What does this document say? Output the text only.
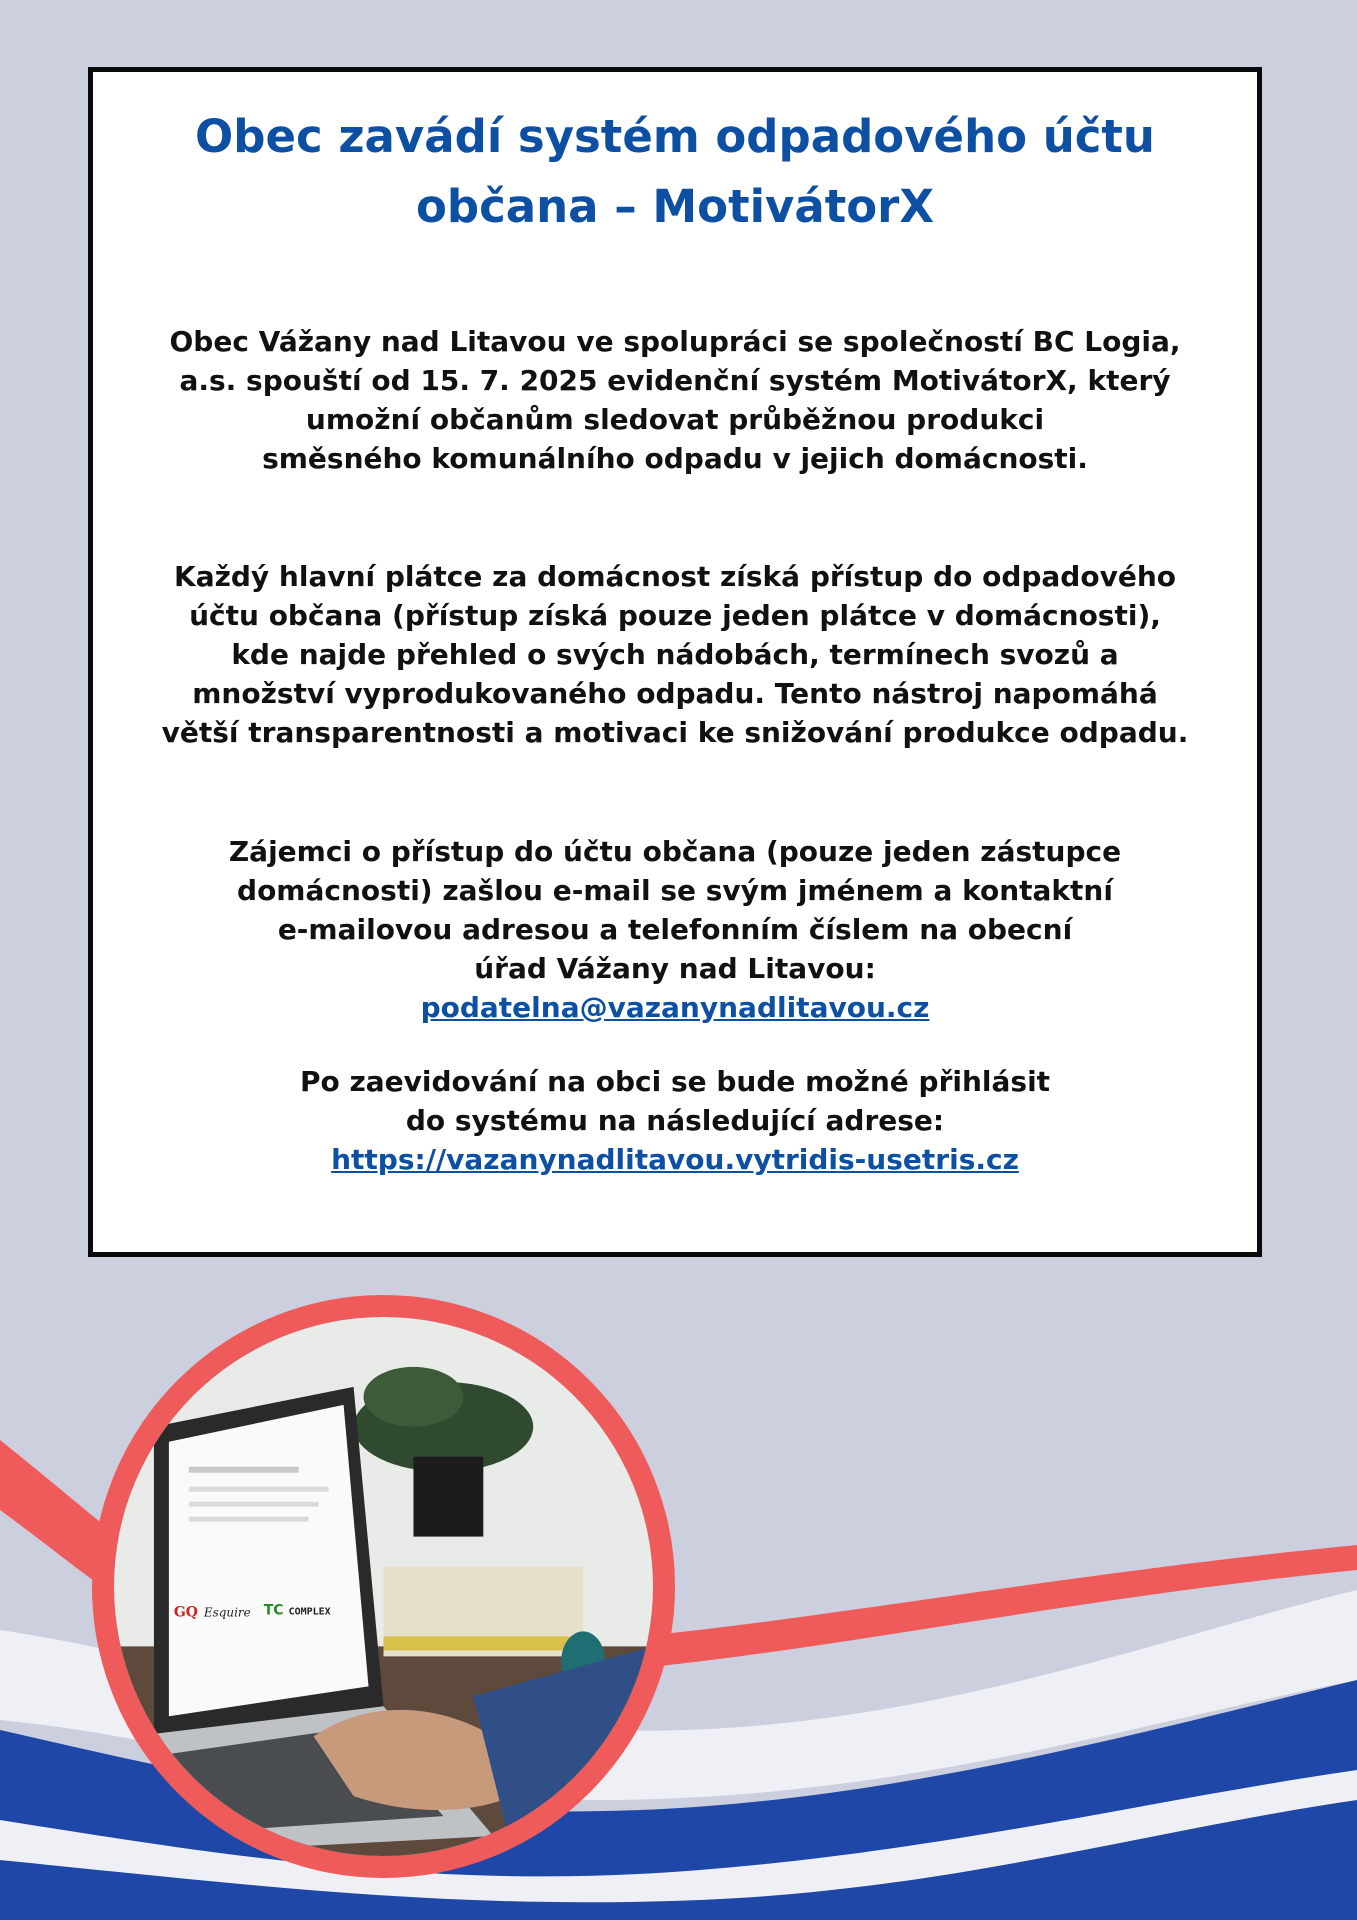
Obec zavádí systém odpadového účtu
občana – MotivátorX

Obec Vážany nad Litavou ve spolupráci se společností BC Logia,
a.s. spouští od 15. 7. 2025 evidenční systém MotivátorX, který
umožní občanům sledovat průběžnou produkci
směsného komunálního odpadu v jejich domácnosti.

Každý hlavní plátce za domácnost získá přístup do odpadového
účtu občana (přístup získá pouze jeden plátce v domácnosti),
kde najde přehled o svých nádobách, termínech svozů a
množství vyprodukovaného odpadu. Tento nástroj napomáhá
větší transparentnosti a motivaci ke snižování produkce odpadu.

Zájemci o přístup do účtu občana (pouze jeden zástupce
domácnosti) zašlou e-mail se svým jménem a kontaktní
e-mailovou adresou a telefonním číslem na obecní
úřad Vážany nad Litavou:
podatelna@vazanynadlitavou.cz

Po zaevidování na obci se bude možné přihlásit
do systému na následující adrese:
https://vazanynadlitavou.vytridis-usetris.cz

GQ Esquire TC COMPLEX
